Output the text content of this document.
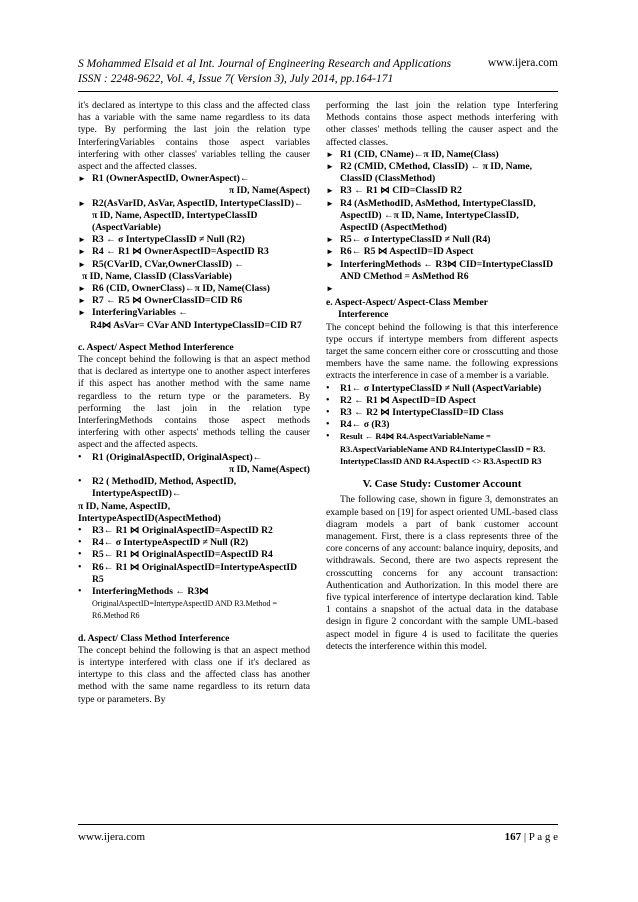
S Mohammed Elsaid et al Int. Journal of Engineering Research and Applications
ISSN : 2248-9622, Vol. 4, Issue 7( Version 3), July 2014, pp.164-171
www.ijera.com

it's declared as intertype to this class and the affected class has a variable with the same name regardless to its data type. By performing the last join the relation type InterferingVariables contains those aspect variables interfering with other classes' variables telling the causer aspect and the affected classes.

► R1 (OwnerAspectID, OwnerAspect)←
π ID, Name(Aspect)
► R2(AsVarID, AsVar, AspectID, IntertypeClassID)←
π ID, Name, AspectID, IntertypeClassID (AspectVariable)
► R3 ← σ IntertypeClassID ≠ Null (R2)
► R4 ← R1 ⋈ OwnerAspectID=AspectID R3
► R5(CVarID, CVar,OwnerClassID) ←
π ID, Name, ClassID (ClassVariable)
► R6 (CID, OwnerClass)←π ID, Name(Class)
► R7 ← R5 ⋈ OwnerClassID=CID R6
► InterferingVariables ←
R4⋈ AsVar= CVar AND IntertypeClassID=CID R7
c. Aspect/ Aspect Method Interference

The concept behind the following is that an aspect method that is declared as intertype one to another aspect interferes if this aspect has another method with the same name regardless to the return type or the parameters. By performing the last join in the relation type InterferingMethods contains those aspect methods interfering with other aspects' methods telling the causer aspect and the affected aspects.

• R1 (OriginalAspectID, OriginalAspect)←
π ID, Name(Aspect)
• R2 ( MethodID, Method, AspectID, IntertypeAspectID)←
π ID, Name, AspectID, IntertypeAspectID(AspectMethod)
• R3← R1 ⋈ OriginalAspectID=AspectID R2
• R4← σ IntertypeAspectID ≠ Null (R2)
• R5← R1 ⋈ OriginalAspectID=AspectID R4
• R6← R1 ⋈ OriginalAspectID=IntertypeAspectID R5
• InterferingMethods ← R3⋈
OriginalAspectID=IntertypeAspectID AND R3.Method = R6.Method R6
d. Aspect/ Class Method Interference

The concept behind the following is that an aspect method is intertype interfered with class one if it's declared as intertype to this class and the affected class has another method with the same name regardless to its return data type or parameters. By

performing the last join the relation type Interfering Methods contains those aspect methods interfering with other classes' methods telling the causer aspect and the affected classes.

► R1 (CID, CName)←π ID, Name(Class)
► R2 (CMID, CMethod, ClassID) ← π ID, Name, ClassID (ClassMethod)
► R3 ← R1 ⋈ CID=ClassID R2
► R4 (AsMethodID, AsMethod, IntertypeClassID, AspectID) ←π ID, Name, IntertypeClassID, AspectID (AspectMethod)
► R5← σ IntertypeClassID ≠ Null (R4)
► R6← R5 ⋈ AspectID=ID Aspect
► InterferingMethods ← R3⋈ CID=IntertypeClassID AND CMethod = AsMethod R6
►

e. Aspect-Aspect/ Aspect-Class Member
Interference

The concept behind the following is that this interference type occurs if intertype members from different aspects target the same concern either core or crosscutting and those members have the same name. the following expressions extracts the interference in case of a member is a variable.

• R1← σ IntertypeClassID ≠ Null (AspectVariable)
• R2 ← R1 ⋈ AspectID=ID Aspect
• R3 ← R2 ⋈ IntertypeClassID=ID Class
• R4← σ (R3)
• Result ← R4⋈ R4.AspectVariableName = R3.AspectVariableName AND R4.IntertypeClassID = R3. IntertypeClassID AND R4.AspectID <> R3.AspectID R3
V. Case Study: Customer Account

The following case, shown in figure 3, demonstrates an example based on [19] for aspect oriented UML-based class diagram models a part of bank customer account management. First, there is a class represents three of the core concerns of any account: balance inquiry, deposits, and withdrawals. Second, there are two aspects represent the crosscutting concerns for any account transaction: Authentication and Authorization. In this model there are five typical interference of intertype declaration kind. Table 1 contains a snapshot of the actual data in the database design in figure 2 concordant with the sample UML-based aspect model in figure 4 is used to facilitate the queries detects the interference within this model.

www.ijera.com	167 | P a g e
